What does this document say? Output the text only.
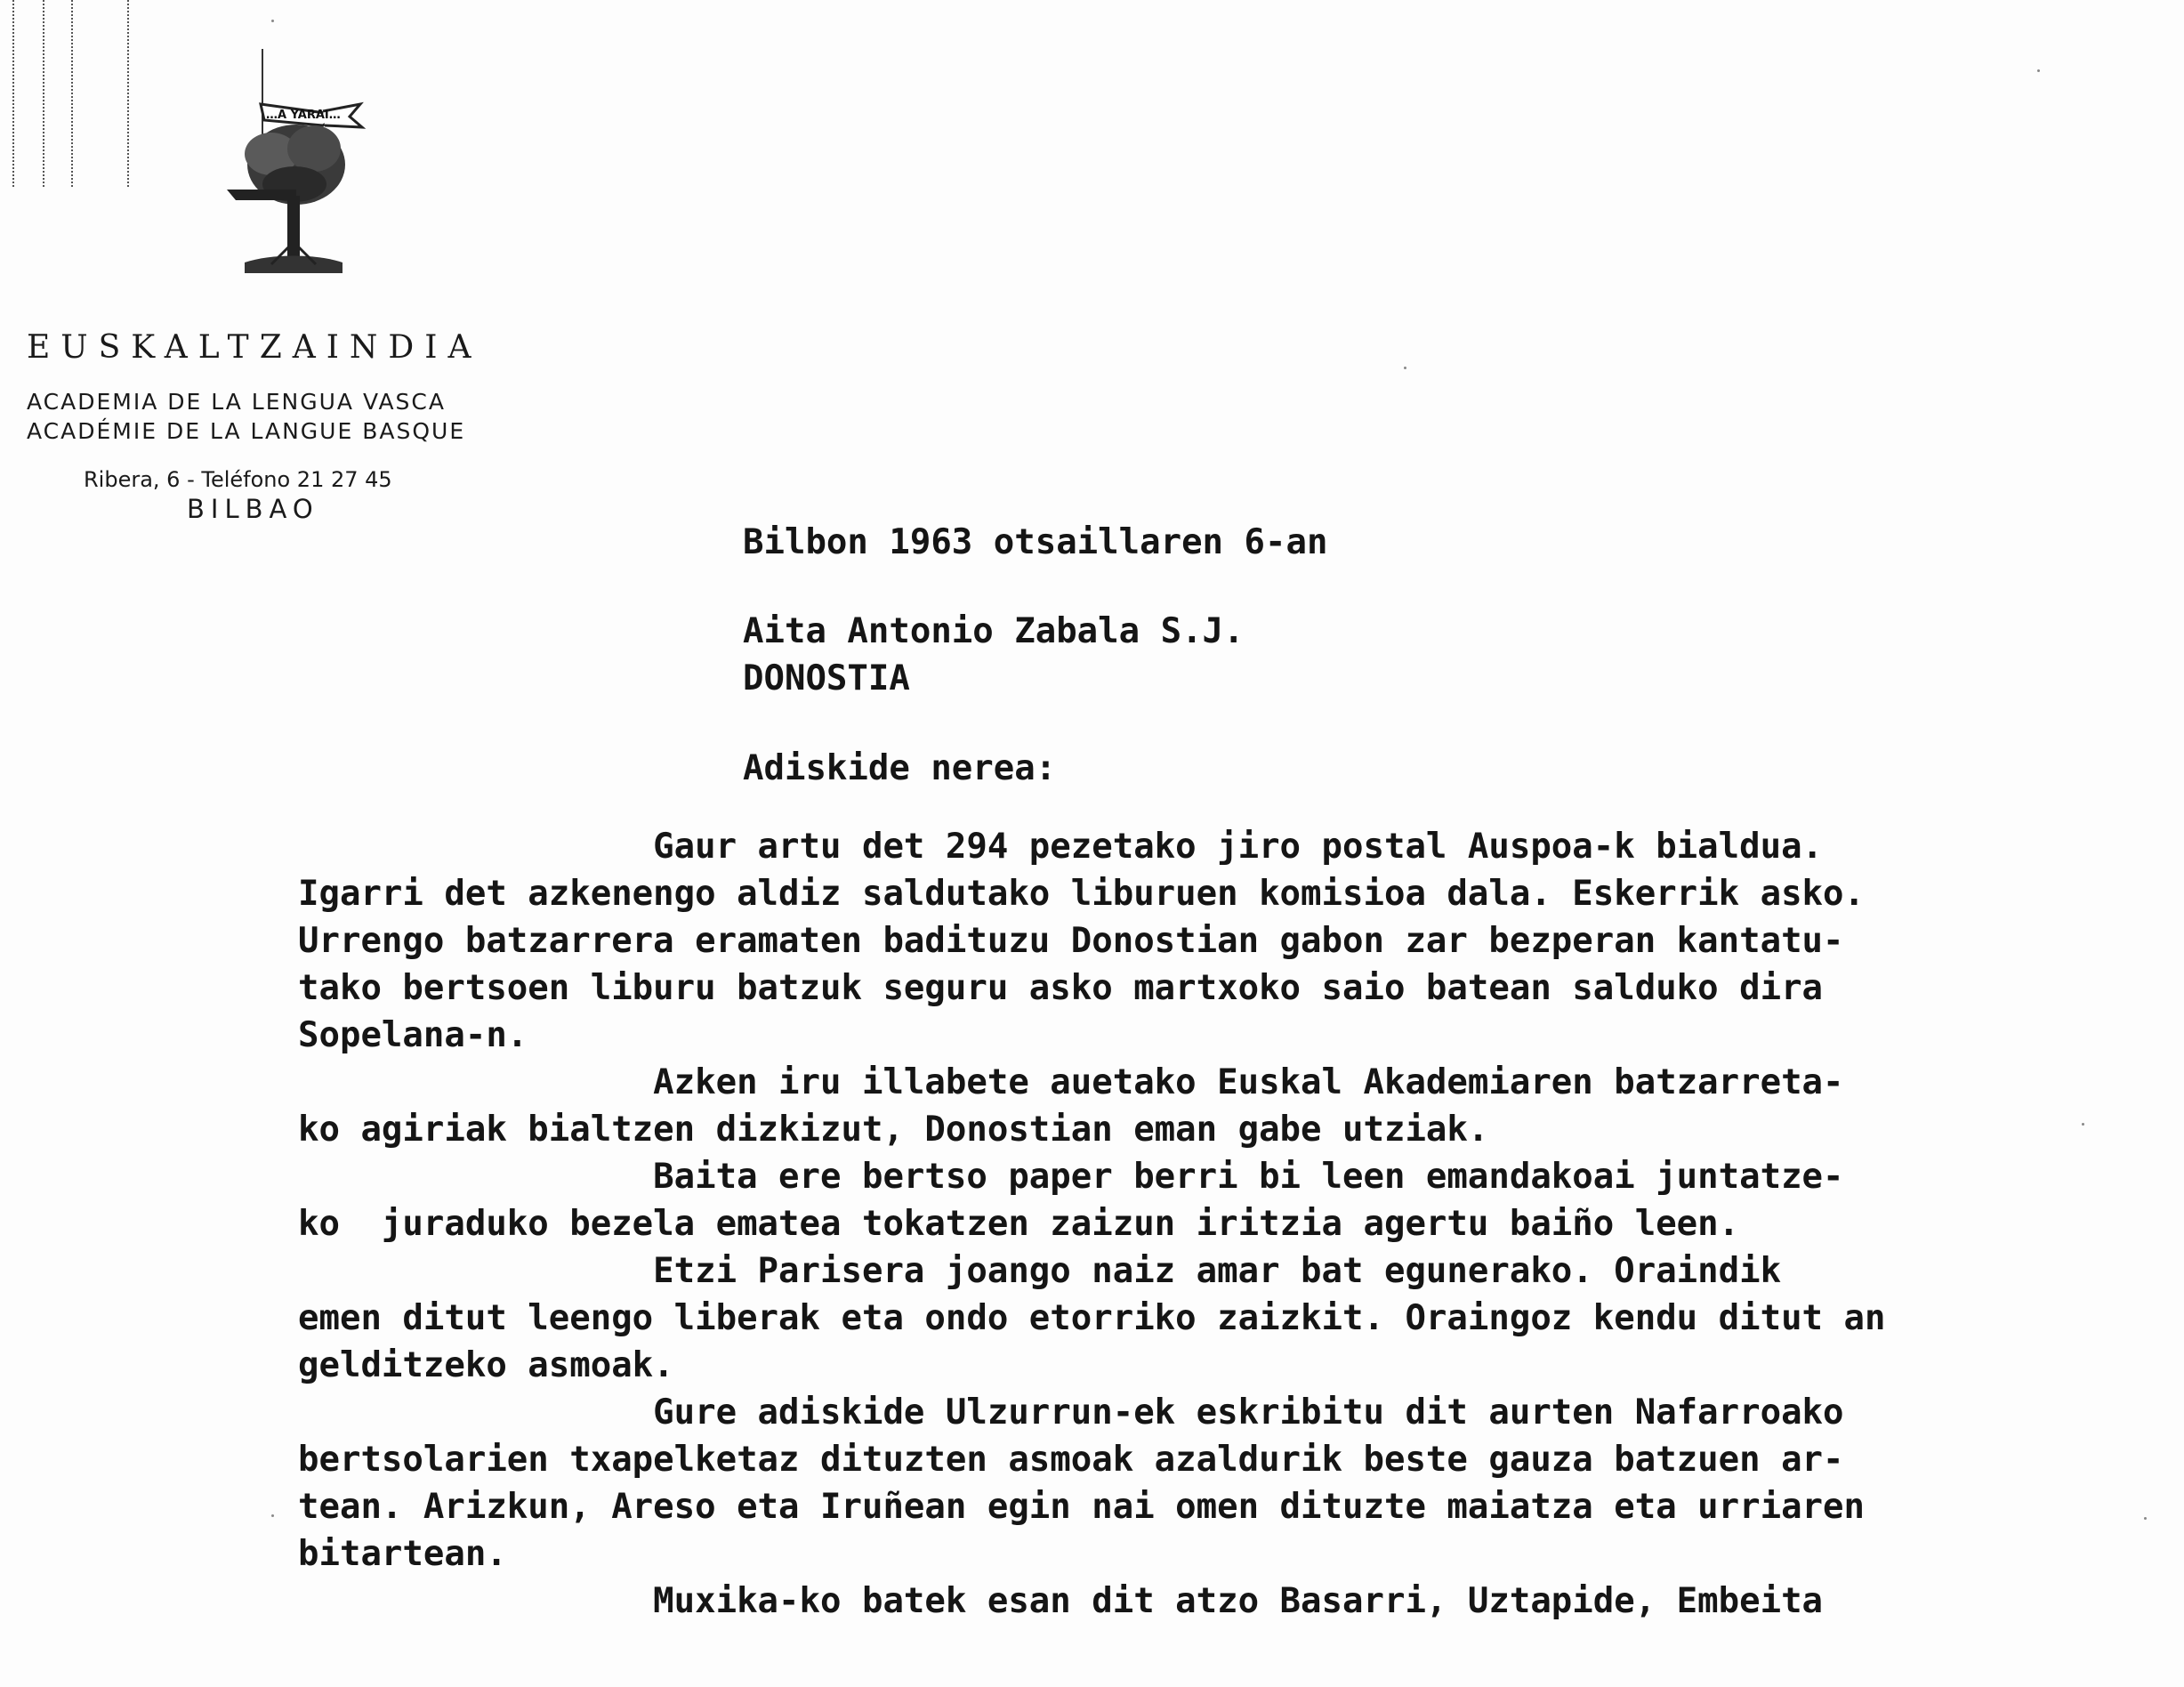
…A YARAI…
EUSKALTZAINDIA
ACADEMIA DE LA LENGUA VASCA
ACADÉMIE DE LA LANGUE BASQUE
Ribera, 6 - Teléfono 21 27 45
BILBAO

Bilbon 1963 otsaillaren 6-an

Aita Antonio Zabala S.J.
DONOSTIA

Adiskide nerea:

Gaur artu det 294 pezetako jiro postal Auspoa-k bialdua.
Igarri det azkenengo aldiz saldutako liburuen komisioa dala. Eskerrik asko.
Urrengo batzarrera eramaten badituzu Donostian gabon zar bezperan kantatu-
tako bertsoen liburu batzuk seguru asko martxoko saio batean salduko dira
Sopelana-n.
Azken iru illabete auetako Euskal Akademiaren batzarreta-
ko agiriak bialtzen dizkizut, Donostian eman gabe utziak.
Baita ere bertso paper berri bi leen emandakoai juntatze-
ko  juraduko bezela ematea tokatzen zaizun iritzia agertu baiño leen.
Etzi Parisera joango naiz amar bat egunerako. Oraindik
emen ditut leengo liberak eta ondo etorriko zaizkit. Oraingoz kendu ditut an
gelditzeko asmoak.
Gure adiskide Ulzurrun-ek eskribitu dit aurten Nafarroako
bertsolarien txapelketaz dituzten asmoak azaldurik beste gauza batzuen ar-
tean. Arizkun, Areso eta Iruñean egin nai omen dituzte maiatza eta urriaren
bitartean.
Muxika-ko batek esan dit atzo Basarri, Uztapide, Embeita
